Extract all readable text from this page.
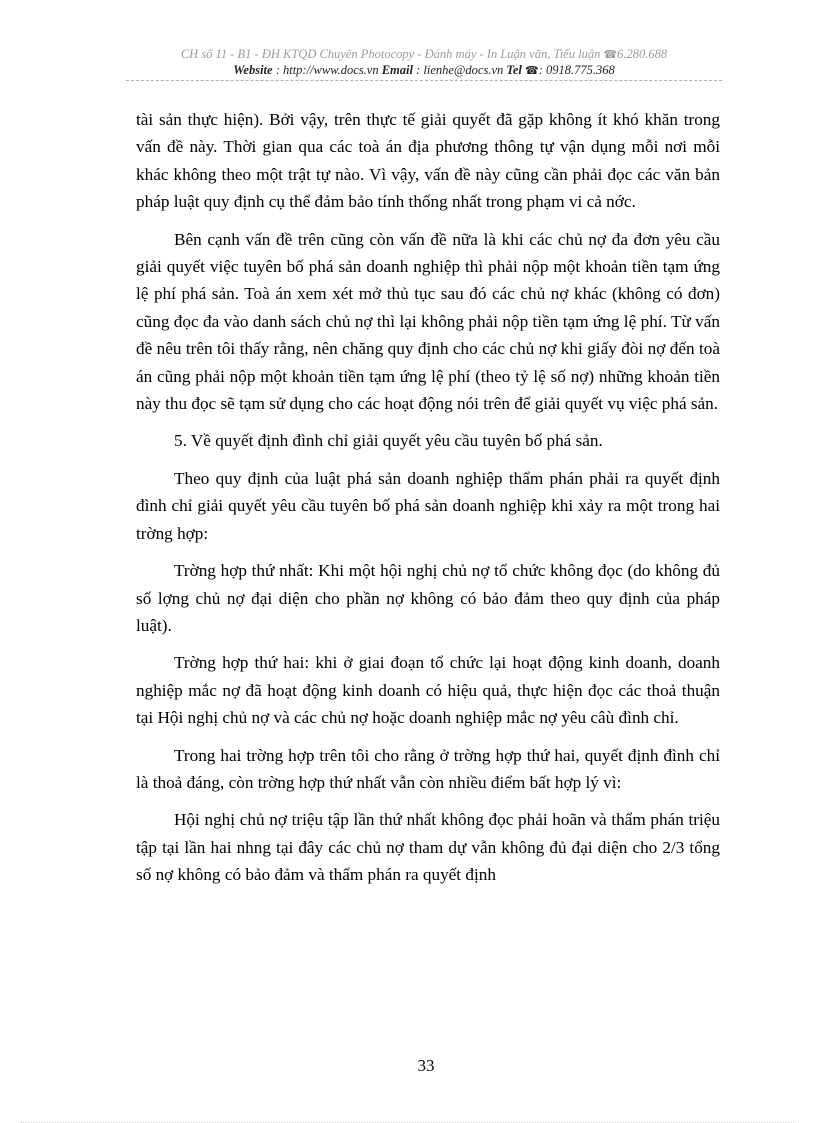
CH số 11 - B1 - ĐH KTQD Chuyên Photocopy - Đánh máy - In Luận văn, Tiểu luận ☎6.280.688
Website : http://www.docs.vn Email : lienhe@docs.vn Tel ☎: 0918.775.368

tài sản thực hiện). Bởi vậy, trên thực tế giải quyết đã gặp không ít khó khăn trong vấn đề này. Thời gian qua các toà án địa phương thông tự vận dụng mỗi nơi mỗi khác không theo một trật tự nào. Vì vậy, vấn đề này cũng cần phải đọc các văn bản pháp luật quy định cụ thể đảm bảo tính thống nhất trong phạm vi cả nớc.

Bên cạnh vấn đề trên cũng còn vấn đề nữa là khi các chủ nợ đa đơn yêu cầu giải quyết việc tuyên bố phá sản doanh nghiệp thì phải nộp một khoản tiền tạm ứng lệ phí phá sản. Toà án xem xét mở thủ tục sau đó các chủ nợ khác (không có đơn) cũng đọc đa vào danh sách chủ nợ thì lại không phải nộp tiền tạm ứng lệ phí. Từ vấn đề nêu trên tôi thấy rằng, nên chăng quy định cho các chủ nợ khi giấy đòi nợ đến toà án cũng phải nộp một khoản tiền tạm ứng lệ phí (theo tỷ lệ số nợ) những khoản tiền này thu đọc sẽ tạm sử dụng cho các hoạt động nói trên để giải quyết vụ việc phá sản.

5. Về quyết định đình chỉ giải quyết yêu cầu tuyên bố phá sản.

Theo quy định của luật phá sản doanh nghiệp thẩm phán phải ra quyết định đình chỉ giải quyết yêu cầu tuyên bố phá sản doanh nghiệp khi xảy ra một trong hai trờng hợp:

Trờng hợp thứ nhất: Khi một hội nghị chủ nợ tổ chức không đọc (do không đủ số lợng chủ nợ đại diện cho phần nợ không có bảo đảm theo quy định của pháp luật).

Trờng hợp thứ hai: khi ở giai đoạn tổ chức lại hoạt động kinh doanh, doanh nghiệp mắc nợ đã hoạt động kinh doanh có hiệu quả, thực hiện đọc các thoả thuận tại Hội nghị chủ nợ và các chủ nợ hoặc doanh nghiệp mắc nợ yêu câù đình chỉ.

Trong hai trờng hợp trên tôi cho rằng ở trờng hợp thứ hai, quyết định đình chỉ là thoả đáng, còn trờng hợp thứ nhất vẫn còn nhiều điểm bất hợp lý vì:

Hội nghị chủ nợ triệu tập lần thứ nhất không đọc phải hoãn và thẩm phán triệu tập tại lần hai nhng tại đây các chủ nợ tham dự vẫn không đủ đại diện cho 2/3 tổng số nợ không có bảo đảm và thẩm phán ra quyết định

33
